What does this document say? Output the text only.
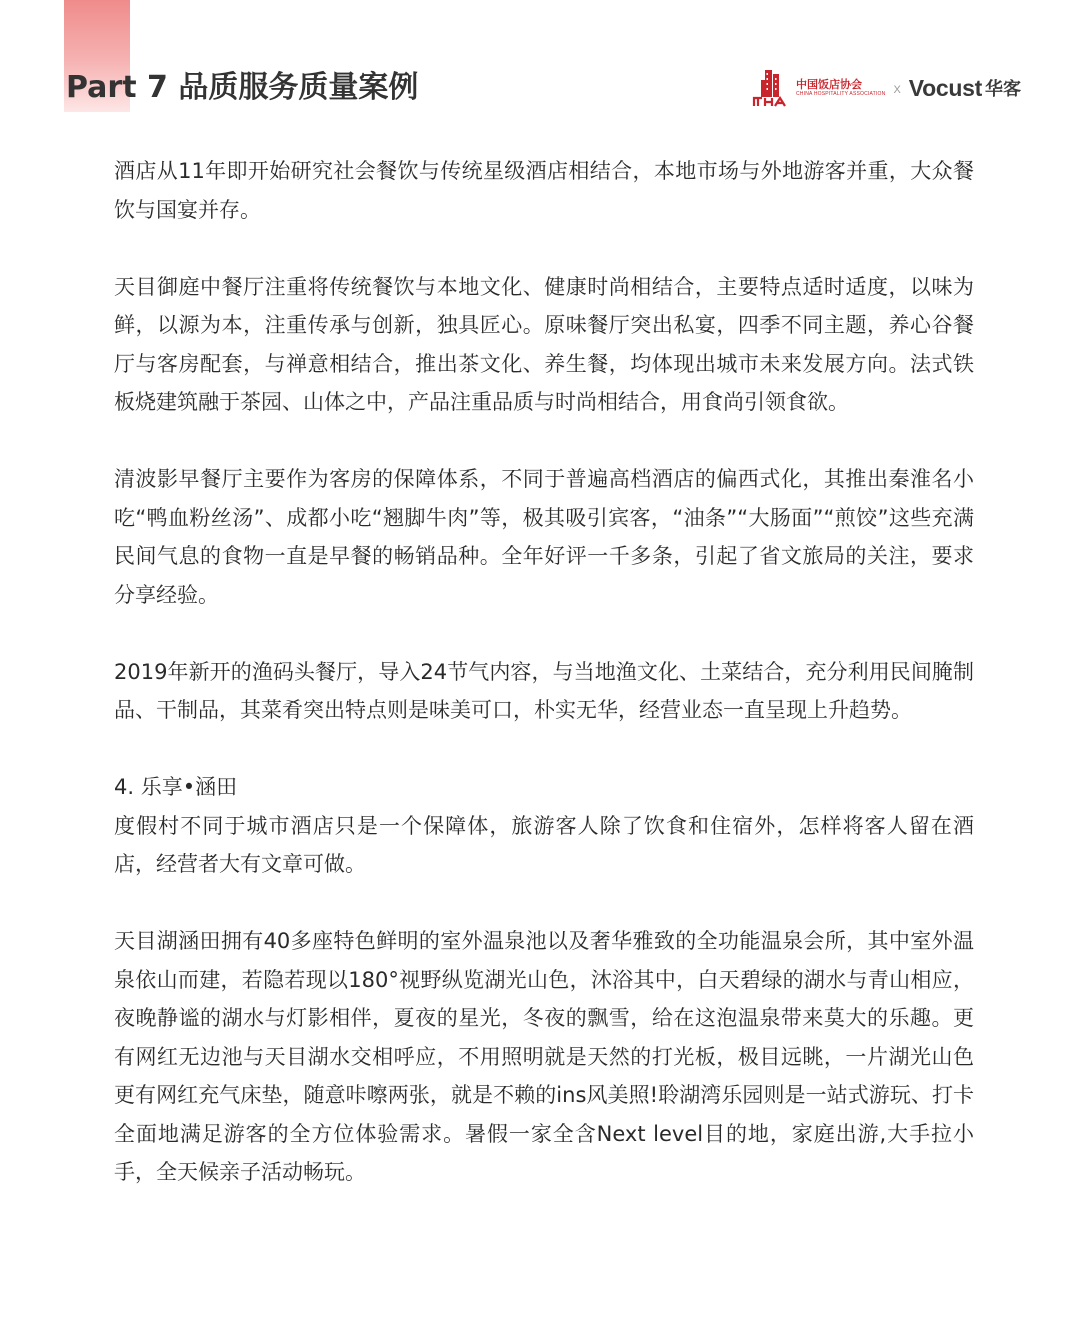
Part 7 品质服务质量案例	中国饭店协会
CHINA HOSPITALITY ASSOCIATION X Vocust 华客

酒店从11年即开始研究社会餐饮与传统星级酒店相结合，本地市场与外地游客并重，大众餐饮与国宴并存。

天目御庭中餐厅注重将传统餐饮与本地文化、健康时尚相结合，主要特点适时适度，以味为鲜，以源为本，注重传承与创新，独具匠心。原味餐厅突出私宴，四季不同主题，养心谷餐厅与客房配套，与禅意相结合，推出茶文化、养生餐，均体现出城市未来发展方向。法式铁板烧建筑融于茶园、山体之中，产品注重品质与时尚相结合，用食尚引领食欲。

清波影早餐厅主要作为客房的保障体系，不同于普遍高档酒店的偏西式化，其推出秦淮名小吃“鸭血粉丝汤”、成都小吃“翘脚牛肉”等，极其吸引宾客，“油条”“大肠面”“煎饺”这些充满民间气息的食物一直是早餐的畅销品种。全年好评一千多条，引起了省文旅局的关注，要求分享经验。

2019年新开的渔码头餐厅，导入24节气内容，与当地渔文化、土菜结合，充分利用民间腌制品、干制品，其菜肴突出特点则是味美可口，朴实无华，经营业态一直呈现上升趋势。

4. 乐享•涵田

度假村不同于城市酒店只是一个保障体，旅游客人除了饮食和住宿外，怎样将客人留在酒店，经营者大有文章可做。

天目湖涵田拥有40多座特色鲜明的室外温泉池以及奢华雅致的全功能温泉会所，其中室外温泉依山而建，若隐若现以180°视野纵览湖光山色，沐浴其中，白天碧绿的湖水与青山相应，夜晚静谧的湖水与灯影相伴，夏夜的星光，冬夜的飘雪，给在这泡温泉带来莫大的乐趣。更有网红无边池与天目湖水交相呼应，不用照明就是天然的打光板，极目远眺，一片湖光山色更有网红充气床垫，随意咔嚓两张，就是不赖的ins风美照!聆湖湾乐园则是一站式游玩、打卡全面地满足游客的全方位体验需求。暑假一家全含Next level目的地，家庭出游,大手拉小手，全天候亲子活动畅玩。
